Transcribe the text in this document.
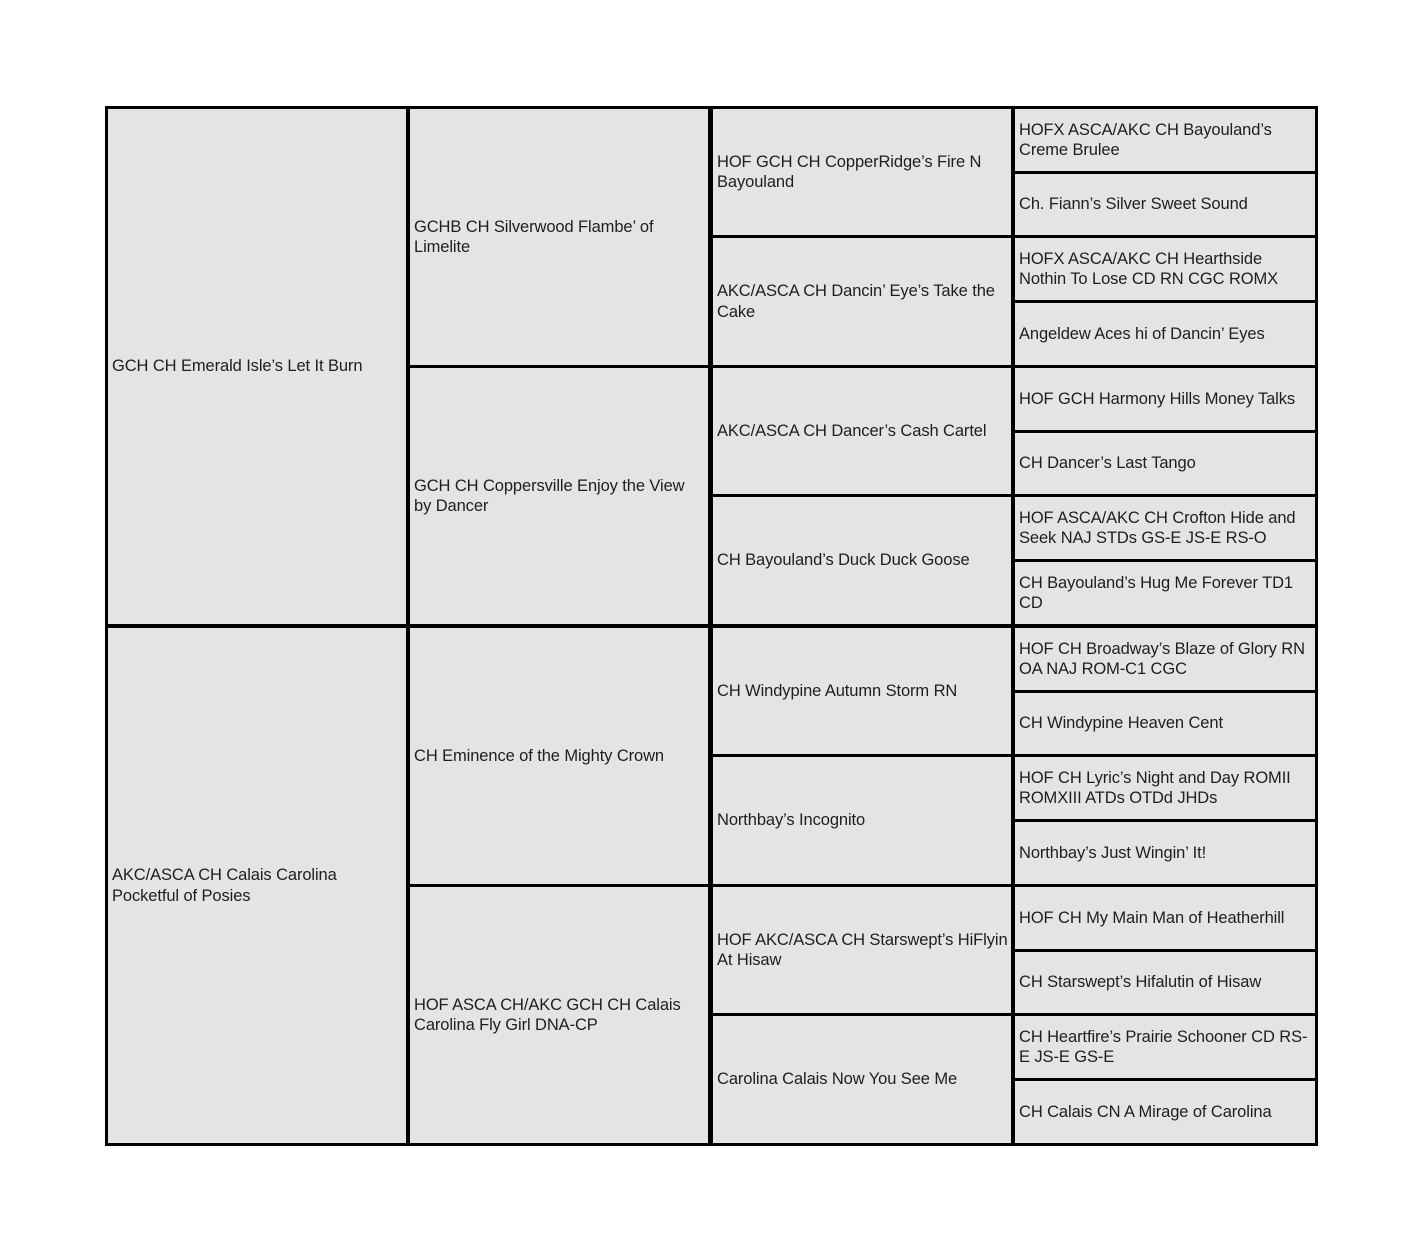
GCH CH Emerald Isle’s Let It Burn
AKC/ASCA CH Calais Carolina Pocketful of Posies
GCHB CH Silverwood Flambe’ of Limelite
GCH CH Coppersville Enjoy the View by Dancer
CH Eminence of the Mighty Crown
HOF ASCA CH/AKC GCH CH Calais Carolina Fly Girl DNA-CP
HOF GCH CH CopperRidge’s Fire N Bayouland
AKC/ASCA CH Dancin’ Eye’s Take the Cake
AKC/ASCA CH Dancer’s Cash Cartel
CH Bayouland’s Duck Duck Goose
CH Windypine Autumn Storm RN
Northbay’s Incognito
HOF AKC/ASCA CH Starswept’s HiFlyin At Hisaw
Carolina Calais Now You See Me
HOFX ASCA/AKC CH Bayouland’s Creme Brulee
Ch. Fiann’s Silver Sweet Sound
HOFX ASCA/AKC CH Hearthside Nothin To Lose CD RN CGC ROMX
Angeldew Aces hi of Dancin’ Eyes
HOF GCH Harmony Hills Money Talks
CH Dancer’s Last Tango
HOF ASCA/AKC CH Crofton Hide and Seek NAJ STDs GS-E JS-E RS-O
CH Bayouland’s Hug Me Forever TD1 CD
HOF CH Broadway’s Blaze of Glory RN OA NAJ ROM-C1 CGC
CH Windypine Heaven Cent
HOF CH Lyric’s Night and Day ROMII ROMXIII ATDs OTDd JHDs
Northbay’s Just Wingin’ It!
HOF CH My Main Man of Heatherhill
CH Starswept’s Hifalutin of Hisaw
CH Heartfire’s Prairie Schooner CD RS-E JS-E GS-E
CH Calais CN A Mirage of Carolina
